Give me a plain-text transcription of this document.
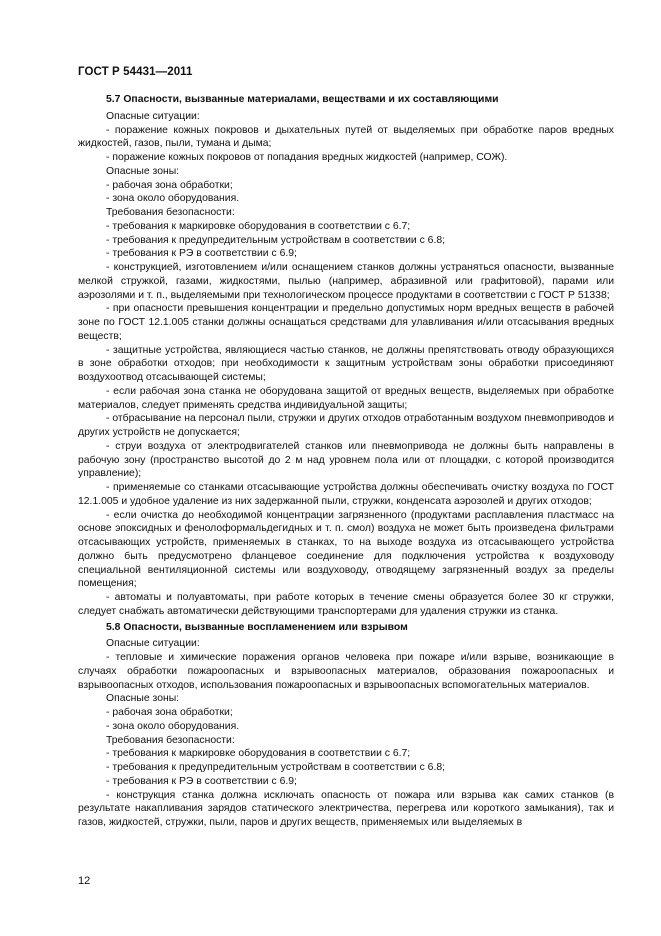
ГОСТ Р 54431—2011

5.7 Опасности, вызванные материалами, веществами и их составляющими

Опасные ситуации:

- поражение кожных покровов и дыхательных путей от выделяемых при обработке паров вредных жидкостей, газов, пыли, тумана и дыма;

- поражение кожных покровов от попадания вредных жидкостей (например, СОЖ).

Опасные зоны:

- рабочая зона обработки;

- зона около оборудования.

Требования безопасности:

- требования к маркировке оборудования в соответствии с 6.7;

- требования к предупредительным устройствам в соответствии с 6.8;

- требования к РЭ в соответствии с 6.9;

- конструкцией, изготовлением и/или оснащением станков должны устраняться опасности, вызванные мелкой стружкой, газами, жидкостями, пылью (например, абразивной или графитовой), парами или аэрозолями и т. п., выделяемыми при технологическом процессе продуктами в соответствии с ГОСТ Р 51338;

- при опасности превышения концентрации и предельно допустимых норм вредных веществ в рабочей зоне по ГОСТ 12.1.005 станки должны оснащаться средствами для улавливания и/или отсасывания вредных веществ;

- защитные устройства, являющиеся частью станков, не должны препятствовать отводу образующихся в зоне обработки отходов; при необходимости к защитным устройствам зоны обработки присоединяют воздухоотвод отсасывающей системы;

- если рабочая зона станка не оборудована защитой от вредных веществ, выделяемых при обработке материалов, следует применять средства индивидуальной защиты;

- отбрасывание на персонал пыли, стружки и других отходов отработанным воздухом пневмоприводов и других устройств не допускается;

- струи воздуха от электродвигателей станков или пневмопривода не должны быть направлены в рабочую зону (пространство высотой до 2 м над уровнем пола или от площадки, с которой производится управление);

- применяемые со станками отсасывающие устройства должны обеспечивать очистку воздуха по ГОСТ 12.1.005 и удобное удаление из них задержанной пыли, стружки, конденсата аэрозолей и других отходов;

- если очистка до необходимой концентрации загрязненного (продуктами расплавления пластмасс на основе эпоксидных и фенолоформальдегидных и т. п. смол) воздуха не может быть произведена фильтрами отсасывающих устройств, применяемых в станках, то на выходе воздуха из отсасывающего устройства должно быть предусмотрено фланцевое соединение для подключения устройства к воздуховоду специальной вентиляционной системы или воздуховоду, отводящему загрязненный воздух за пределы помещения;

- автоматы и полуавтоматы, при работе которых в течение смены образуется более 30 кг стружки, следует снабжать автоматически действующими транспортерами для удаления стружки из станка.

5.8 Опасности, вызванные воспламенением или взрывом

Опасные ситуации:

- тепловые и химические поражения органов человека при пожаре и/или взрыве, возникающие в случаях обработки пожароопасных и взрывоопасных материалов, образования пожароопасных и взрывоопасных отходов, использования пожароопасных и взрывоопасных вспомогательных материалов.

Опасные зоны:

- рабочая зона обработки;

- зона около оборудования.

Требования безопасности:

- требования к маркировке оборудования в соответствии с 6.7;

- требования к предупредительным устройствам в соответствии с 6.8;

- требования к РЭ в соответствии с 6.9;

- конструкция станка должна исключать опасность от пожара или взрыва как самих станков (в результате накапливания зарядов статического электричества, перегрева или короткого замыкания), так и газов, жидкостей, стружки, пыли, паров и других веществ, применяемых или выделяемых в

12
